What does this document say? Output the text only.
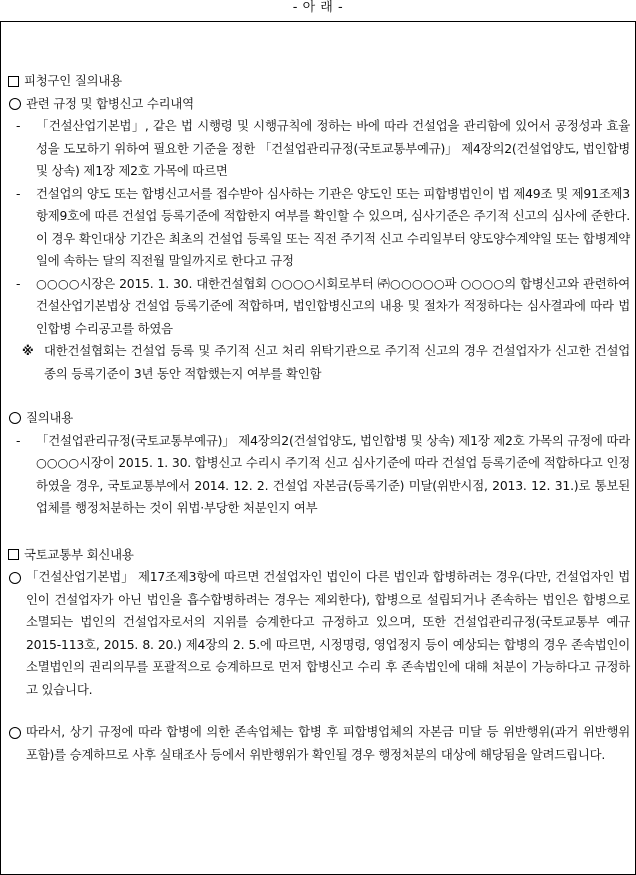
- 아 래 -
피청구인 질의내용
관련 규정 및 합병신고 수리내역
-	「건설산업기본법」, 같은 법 시행령 및 시행규칙에 정하는 바에 따라 건설업을 관리함에 있어서 공정성과 효율성을 도모하기 위하여 필요한 기준을 정한 「건설업관리규정(국토교통부예규)」 제4장의2(건설업양도, 법인합병 및 상속) 제1장 제2호 가목에 따르면
-	건설업의 양도 또는 합병신고서를 접수받아 심사하는 기관은 양도인 또는 피합병법인이 법 제49조 및 제91조제3항제9호에 따른 건설업 등록기준에 적합한지 여부를 확인할 수 있으며, 심사기준은 주기적 신고의 심사에 준한다. 이 경우 확인대상 기간은 최초의 건설업 등록일 또는 직전 주기적 신고 수리일부터 양도양수계약일 또는 합병계약일에 속하는 달의 직전월 말일까지로 한다고 규정
-	○○○○시장은 2015. 1. 30. 대한건설협회 ○○○○시회로부터 ㈜○○○○○파 ○○○○의 합병신고와 관련하여 건설산업기본법상 건설업 등록기준에 적합하며, 법인합병신고의 내용 및 절차가 적정하다는 심사결과에 따라 법인합병 수리공고를 하였음
※ 대한건설협회는 건설업 등록 및 주기적 신고 처리 위탁기관으로 주기적 신고의 경우 건설업자가 신고한 건설업종의 등록기준이 3년 동안 적합했는지 여부를 확인함
질의내용
-	「건설업관리규정(국토교통부예규)」 제4장의2(건설업양도, 법인합병 및 상속) 제1장 제2호 가목의 규정에 따라 ○○○○시장이 2015. 1. 30. 합병신고 수리시 주기적 신고 심사기준에 따라 건설업 등록기준에 적합하다고 인정하였을 경우, 국토교통부에서 2014. 12. 2. 건설업 자본금(등록기준) 미달(위반시점, 2013. 12. 31.)로 통보된 업체를 행정처분하는 것이 위법·부당한 처분인지 여부
국토교통부 회신내용
「건설산업기본법」 제17조제3항에 따르면 건설업자인 법인이 다른 법인과 합병하려는 경우(다만, 건설업자인 법인이 건설업자가 아닌 법인을 흡수합병하려는 경우는 제외한다), 합병으로 설립되거나 존속하는 법인은 합병으로 소멸되는 법인의 건설업자로서의 지위를 승계한다고 규정하고 있으며, 또한 건설업관리규정(국토교통부 예규 2015-113호, 2015. 8. 20.) 제4장의 2. 5.에 따르면, 시정명령, 영업정지 등이 예상되는 합병의 경우 존속법인이 소멸법인의 권리의무를 포괄적으로 승계하므로 먼저 합병신고 수리 후 존속법인에 대해 처분이 가능하다고 규정하고 있습니다.
따라서, 상기 규정에 따라 합병에 의한 존속업체는 합병 후 피합병업체의 자본금 미달 등 위반행위(과거 위반행위 포함)를 승계하므로 사후 실태조사 등에서 위반행위가 확인될 경우 행정처분의 대상에 해당됨을 알려드립니다.
